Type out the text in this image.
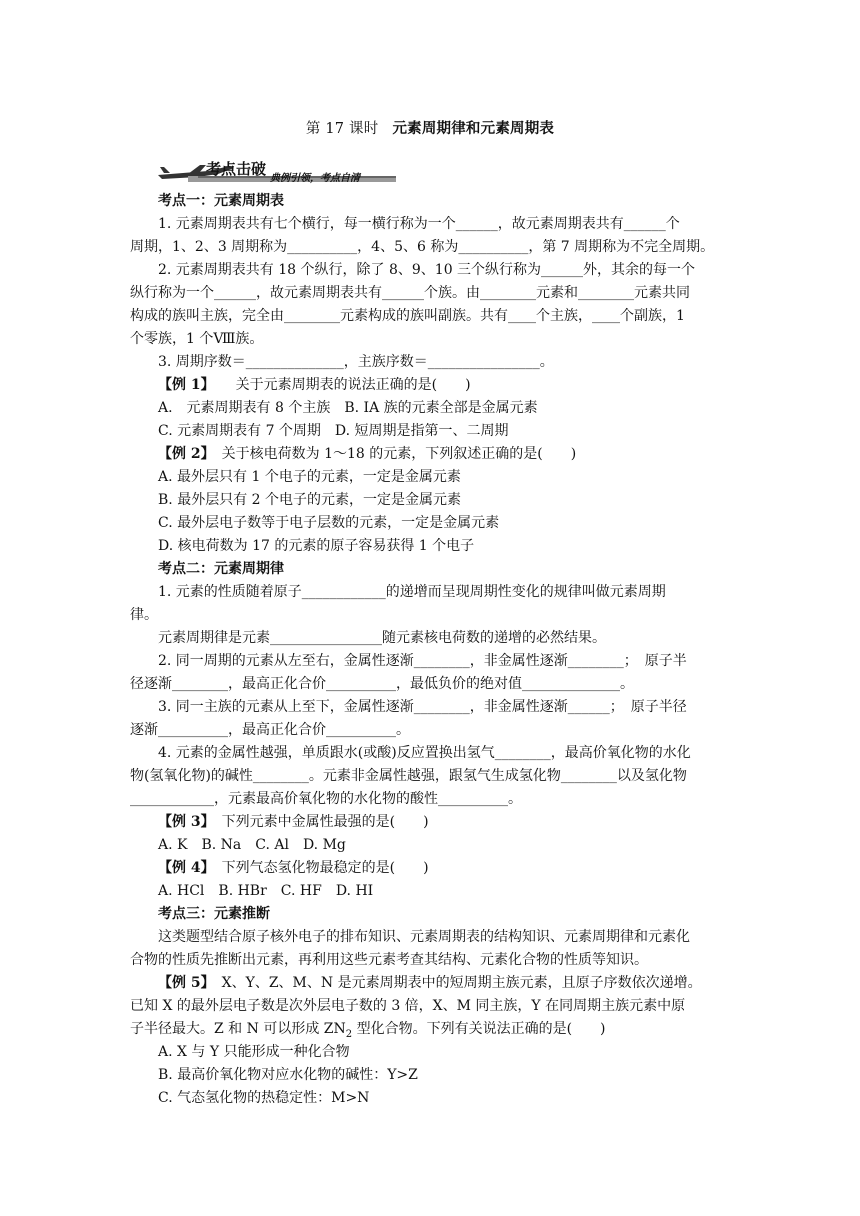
第 17 课时 元素周期律和元素周期表
考点击破
典例引领，考点自清
考点一：元素周期表
1. 元素周期表共有七个横行，每一横行称为一个______，故元素周期表共有______个
周期，1、2、3 周期称为__________，4、5、6 称为__________，第 7 周期称为不完全周期。
2. 元素周期表共有 18 个纵行，除了 8、9、10 三个纵行称为______外，其余的每一个
纵行称为一个______，故元素周期表共有______个族。由________元素和________元素共同
构成的族叫主族，完全由________元素构成的族叫副族。共有____个主族，____个副族，1
个零族，1 个Ⅷ族。
3. 周期序数＝______________，主族序数＝________________。
【例 1】　　关于元素周期表的说法正确的是(　　)
A.　元素周期表有 8 个主族　B. ⅠA 族的元素全部是金属元素
C. 元素周期表有 7 个周期　D. 短周期是指第一、二周期
【例 2】　关于核电荷数为 1～18 的元素，下列叙述正确的是(　　)
A. 最外层只有 1 个电子的元素，一定是金属元素
B. 最外层只有 2 个电子的元素，一定是金属元素
C. 最外层电子数等于电子层数的元素，一定是金属元素
D. 核电荷数为 17 的元素的原子容易获得 1 个电子
考点二：元素周期律
1. 元素的性质随着原子____________的递增而呈现周期性变化的规律叫做元素周期
律。
元素周期律是元素________________随元素核电荷数的递增的必然结果。
2. 同一周期的元素从左至右，金属性逐渐________，非金属性逐渐________；　原子半
径逐渐________，最高正化合价__________，最低负价的绝对值______________。
3. 同一主族的元素从上至下，金属性逐渐________，非金属性逐渐______；　原子半径
逐渐__________，最高正化合价__________。
4. 元素的金属性越强，单质跟水(或酸)反应置换出氢气________，最高价氧化物的水化
物(氢氧化物)的碱性________。元素非金属性越强，跟氢气生成氢化物________以及氢化物
____________，元素最高价氧化物的水化物的酸性__________。
【例 3】　下列元素中金属性最强的是(　　)
A. K　B. Na　C. Al　D. Mg
【例 4】　下列气态氢化物最稳定的是(　　)
A. HCl　B. HBr　C. HF　D. HI
考点三：元素推断
这类题型结合原子核外电子的排布知识、元素周期表的结构知识、元素周期律和元素化
合物的性质先推断出元素，再利用这些元素考查其结构、元素化合物的性质等知识。
【例 5】　X、Y、Z、M、N 是元素周期表中的短周期主族元素，且原子序数依次递增。
已知 X 的最外层电子数是次外层电子数的 3 倍，X、M 同主族，Y 在同周期主族元素中原
子半径最大。Z 和 N 可以形成 $ZN_2$ 型化合物。下列有关说法正确的是(　　)
A. X 与 Y 只能形成一种化合物
B. 最高价氧化物对应水化物的碱性：Y>Z
C. 气态氢化物的热稳定性：M>N
